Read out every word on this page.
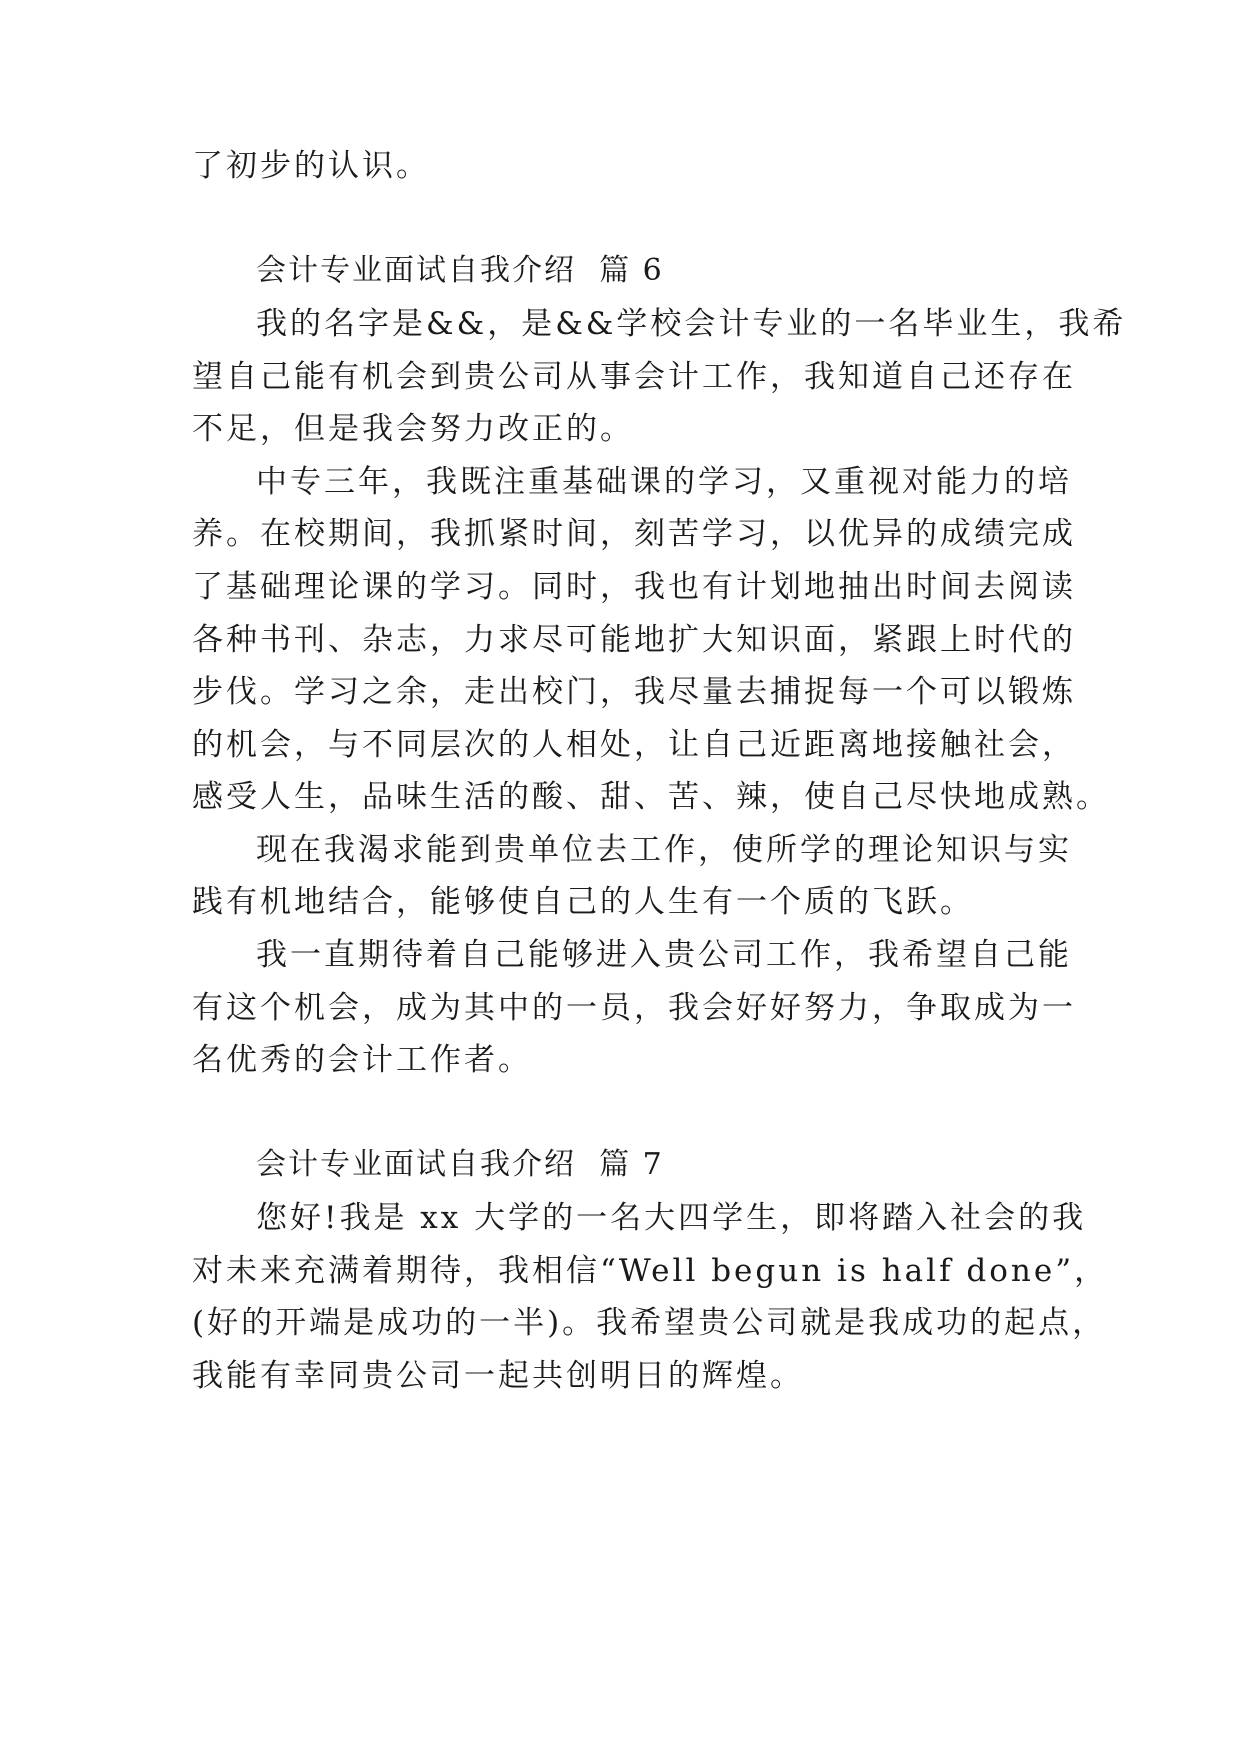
了初步的认识。
会计专业面试自我介绍  篇 6
我的名字是&&，是&&学校会计专业的一名毕业生，我希
望自己能有机会到贵公司从事会计工作，我知道自己还存在
不足，但是我会努力改正的。
中专三年，我既注重基础课的学习，又重视对能力的培
养。在校期间，我抓紧时间，刻苦学习，以优异的成绩完成
了基础理论课的学习。同时，我也有计划地抽出时间去阅读
各种书刊、杂志，力求尽可能地扩大知识面，紧跟上时代的
步伐。学习之余，走出校门，我尽量去捕捉每一个可以锻炼
的机会，与不同层次的人相处，让自己近距离地接触社会，
感受人生，品味生活的酸、甜、苦、辣，使自己尽快地成熟。
现在我渴求能到贵单位去工作，使所学的理论知识与实
践有机地结合，能够使自己的人生有一个质的飞跃。
我一直期待着自己能够进入贵公司工作，我希望自己能
有这个机会，成为其中的一员，我会好好努力，争取成为一
名优秀的会计工作者。
会计专业面试自我介绍  篇 7
您好!我是 xx 大学的一名大四学生，即将踏入社会的我
对未来充满着期待，我相信“Well begun is half done”，
(好的开端是成功的一半)。我希望贵公司就是我成功的起点，
我能有幸同贵公司一起共创明日的辉煌。
